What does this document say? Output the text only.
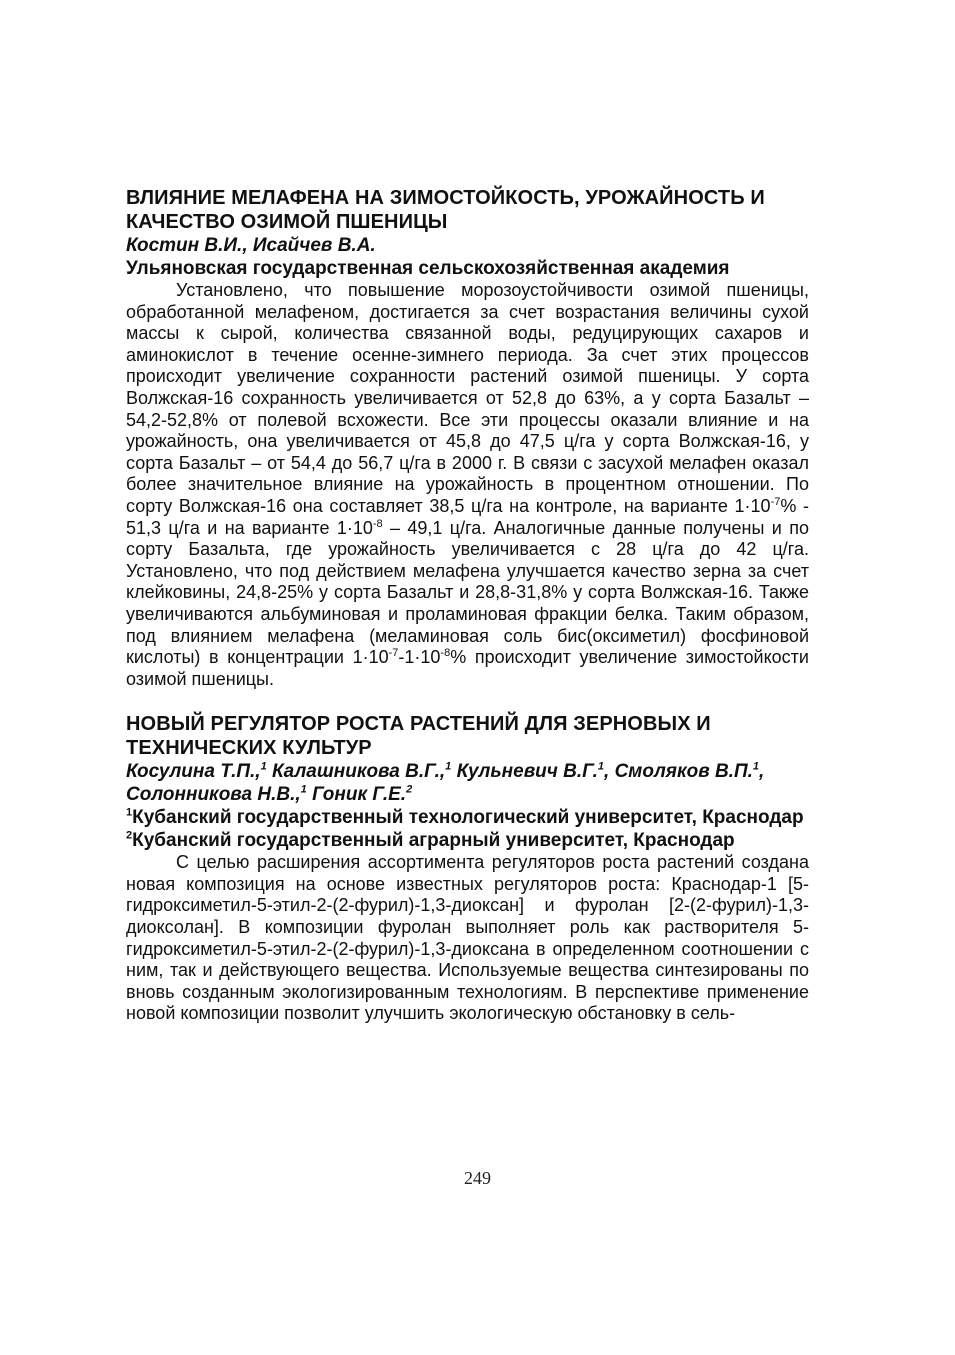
ВЛИЯНИЕ МЕЛАФЕНА НА ЗИМОСТОЙКОСТЬ, УРОЖАЙНОСТЬ И КАЧЕСТВО ОЗИМОЙ ПШЕНИЦЫ

Костин В.И., Исайчев В.А.

Ульяновская государственная сельскохозяйственная академия

Установлено, что повышение морозоустойчивости озимой пшеницы, обработанной мелафеном, достигается за счет возрастания величины сухой массы к сырой, количества связанной воды, редуцирующих сахаров и аминокислот в течение осенне-зимнего периода. За счет этих процессов происходит увеличение сохранности растений озимой пшеницы. У сорта Волжская-16 сохранность увеличивается от 52,8 до 63%, а у сорта Базальт – 54,2-52,8% от полевой всхожести. Все эти процессы оказали влияние и на урожайность, она увеличивается от 45,8 до 47,5 ц/га у сорта Волжская-16, у сорта Базальт – от 54,4 до 56,7 ц/га в 2000 г. В связи с засухой мелафен оказал более значительное влияние на урожайность в процентном отношении. По сорту Волжская-16 она составляет 38,5 ц/га на контроле, на варианте $1\cdot 10^{-7}\% - 51,3$ ц/га и на варианте $1\cdot 10^{-8} - 49,1$ ц/га. Аналогичные данные получены и по сорту Базальта, где урожайность увеличивается с 28 ц/га до 42 ц/га. Установлено, что под действием мелафена улучшается качество зерна за счет клейковины, 24,8-25% у сорта Базальт и 28,8-31,8% у сорта Волжская-16. Также увеличиваются альбуминовая и проламиновая фракции белка. Таким образом, под влиянием мелафена (меламиновая соль бис(оксиметил) фосфиновой кислоты) в концентрации $1\cdot 10^{-7}-1\cdot 10^{-8}\%$ происходит увеличение зимостойкости озимой пшеницы.

НОВЫЙ РЕГУЛЯТОР РОСТА РАСТЕНИЙ ДЛЯ ЗЕРНОВЫХ И ТЕХНИЧЕСКИХ КУЛЬТУР

Косулина Т.П.,$^1$ Калашникова В.Г.,$^1$ Кульневич В.Г.$^1$, Смоляков В.П.$^1$, Солонникова Н.В.,$^1$ Гоник Г.Е.$^2$

$^1$Кубанский государственный технологический университет, Краснодар

$^2$Кубанский государственный аграрный университет, Краснодар

С целью расширения ассортимента регуляторов роста растений создана новая композиция на основе известных регуляторов роста: Краснодар-1 [5-гидроксиметил-5-этил-2-(2-фурил)-1,3-диоксан] и фуролан [2-(2-фурил)-1,3-диоксолан]. В композиции фуролан выполняет роль как растворителя 5-гидроксиметил-5-этил-2-(2-фурил)-1,3-диоксана в определенном соотношении с ним, так и действующего вещества. Используемые вещества синтезированы по вновь созданным экологизированным технологиям. В перспективе применение новой композиции позволит улучшить экологическую обстановку в сель-

249
